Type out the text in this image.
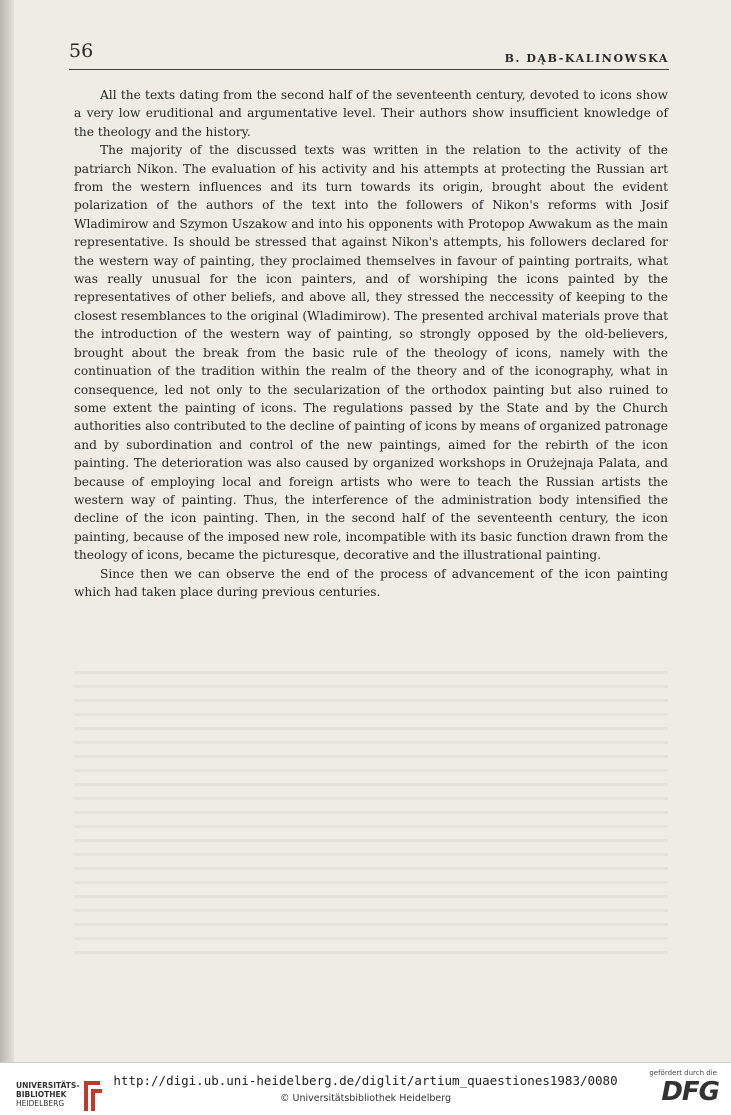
56	B. DĄB-KALINOWSKA

All the texts dating from the second half of the seventeenth century, devoted to icons show a very low eruditional and argumentative level. Their authors show insufficient knowledge of the theology and the history.

The majority of the discussed texts was written in the relation to the activity of the patriarch Nikon. The evaluation of his activity and his attempts at protecting the Russian art from the western influences and its turn towards its origin, brought about the evident polarization of the authors of the text into the followers of Nikon's reforms with Josif Wladimirow and Szymon Uszakow and into his opponents with Protopop Awwakum as the main representative. Is should be stressed that against Nikon's attempts, his followers declared for the western way of painting, they proclaimed themselves in favour of painting portraits, what was really unusual for the icon painters, and of worshiping the icons painted by the representatives of other beliefs, and above all, they stressed the neccessity of keeping to the closest resemblances to the original (Wladimirow). The presented archival materials prove that the introduction of the western way of painting, so strongly opposed by the old-believers, brought about the break from the basic rule of the theology of icons, namely with the continuation of the tradition within the realm of the theory and of the iconography, what in consequence, led not only to the secularization of the orthodox painting but also ruined to some extent the painting of icons. The regulations passed by the State and by the Church authorities also contributed to the decline of painting of icons by means of organized patronage and by subordination and control of the new paintings, aimed for the rebirth of the icon painting. The deterioration was also caused by organized workshops in Orużejnaja Palata, and because of employing local and foreign artists who were to teach the Russian artists the western way of painting. Thus, the interference of the administration body intensified the decline of the icon painting. Then, in the second half of the seventeenth century, the icon painting, because of the imposed new role, incompatible with its basic function drawn from the theology of icons, became the picturesque, decorative and the illustrational painting.

Since then we can observe the end of the process of advancement of the icon painting which had taken place during previous centuries.

UNIVERSITÄTS-
BIBLIOTHEK
HEIDELBERG
http://digi.ub.uni-heidelberg.de/diglit/artium_quaestiones1983/0080
© Universitätsbibliothek Heidelberg
gefördert durch die
DFG
